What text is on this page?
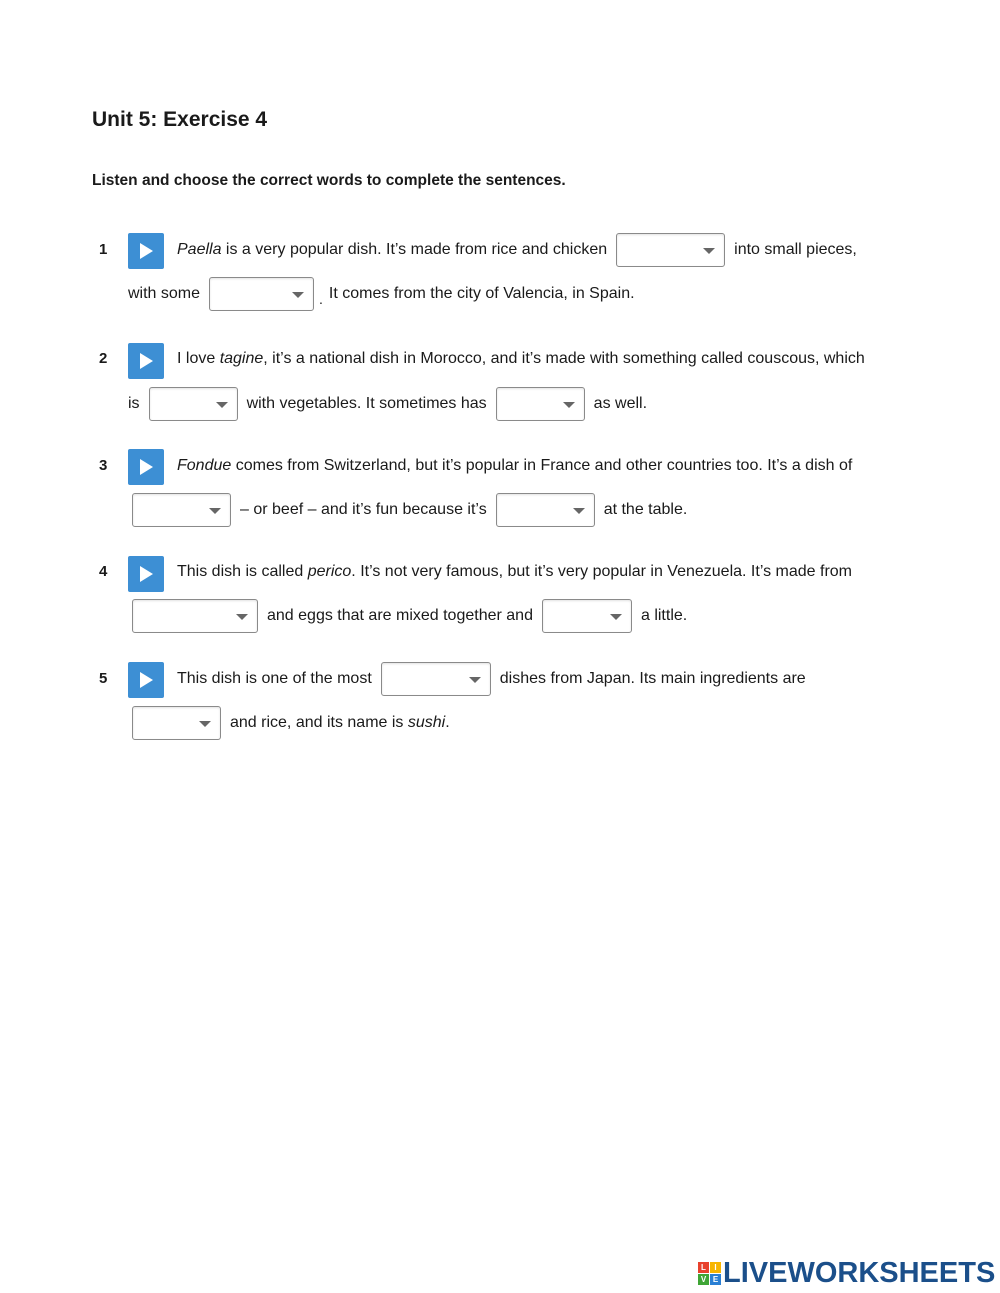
Unit 5: Exercise 4
Listen and choose the correct words to complete the sentences.
1	Paella is a very popular dish. It’s made from rice and chicken	into small pieces,
with some	. It comes from the city of Valencia, in Spain.
2	I love tagine , it’s a national dish in Morocco, and it’s made with something called couscous, which
is	with vegetables. It sometimes has	as well.
3	Fondue comes from Switzerland, but it’s popular in France and other countries too. It’s a dish of
– or beef – and it’s fun because it’s	at the table.
4	This dish is called perico . It’s not very famous, but it’s very popular in Venezuela. It’s made from
and eggs that are mixed together and	a little.
5	This dish is one of the most	dishes from Japan. Its main ingredients are
and rice, and its name is sushi .
L	I
V E LIVEWORKSHEETS
